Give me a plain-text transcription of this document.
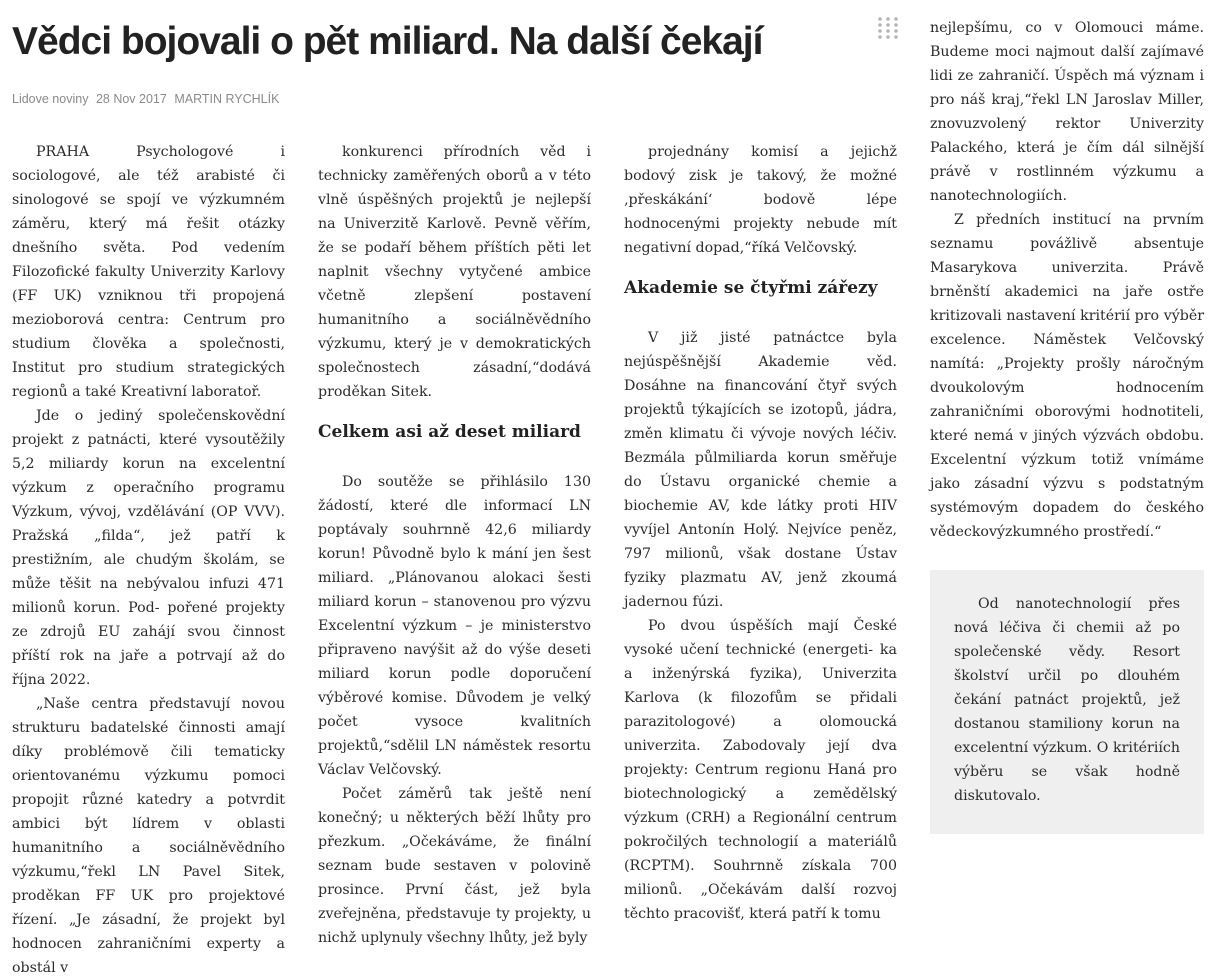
Vědci bojovali o pět miliard. Na další čekají
Lidove noviny 28 Nov 2017 MARTIN RYCHLÍK

PRAHA Psychologové i sociologové, ale též arabisté či sinologové se spojí ve výzkumném záměru, který má řešit otázky dnešního světa. Pod vedením Filozofické fakulty Univerzity Karlovy (FF UK) vzniknou tři propojená mezioborová centra: Centrum pro studium člověka a společnosti, Institut pro studium strategických regionů a také Kreativní laboratoř.

Jde o jediný společenskovědní projekt z patnácti, které vysoutěžily 5,2 miliardy korun na excelentní výzkum z operačního programu Výzkum, vývoj, vzdělávání (OP VVV). Pražská „filda“, jež patří k prestižním, ale chudým školám, se může těšit na nebývalou infuzi 471 milionů korun. Pod- pořené projekty ze zdrojů EU zahájí svou činnost příští rok na jaře a potrvají až do října 2022.

„Naše centra představují novou strukturu badatelské činnosti amají díky problémově čili tematicky orientovanému výzkumu pomoci propojit různé katedry a potvrdit ambici být lídrem v oblasti humanitního a sociálněvědního výzkumu,“řekl LN Pavel Sitek, proděkan FF UK pro projektové řízení. „Je zásadní, že projekt byl hodnocen zahraničními experty a obstál v

konkurenci přírodních věd i technicky zaměřených oborů a v této vlně úspěšných projektů je nejlepší na Univerzitě Karlově. Pevně věřím, že se podaří během příštích pěti let naplnit všechny vytyčené ambice včetně zlepšení postavení humanitního a sociálněvědního výzkumu, který je v demokratických společnostech zásadní,“dodává proděkan Sitek.

Celkem asi až deset miliard

Do soutěže se přihlásilo 130 žádostí, které dle informací LN poptávaly souhrnně 42,6 miliardy korun! Původně bylo k mání jen šest miliard. „Plánovanou alokaci šesti miliard korun – stanovenou pro výzvu Excelentní výzkum – je ministerstvo připraveno navýšit až do výše deseti miliard korun podle doporučení výběrové komise. Důvodem je velký počet vysoce kvalitních projektů,“sdělil LN náměstek resortu Václav Velčovský.

Počet záměrů tak ještě není konečný; u některých běží lhůty pro přezkum. „Očekáváme, že finální seznam bude sestaven v polovině prosince. První část, jež byla zveřejněna, představuje ty projekty, u nichž uplynuly všechny lhůty, jež byly

projednány komisí a jejichž bodový zisk je takový, že možné ‚přeskákání‘ bodově lépe hodnocenými projekty nebude mít negativní dopad,“říká Velčovský.

Akademie se čtyřmi zářezy

V již jisté patnáctce byla nejúspěšnější Akademie věd. Dosáhne na financování čtyř svých projektů týkajících se izotopů, jádra, změn klimatu či vývoje nových léčiv. Bezmála půlmiliarda korun směřuje do Ústavu organické chemie a biochemie AV, kde látky proti HIV vyvíjel Antonín Holý. Nejvíce peněz, 797 milionů, však dostane Ústav fyziky plazmatu AV, jenž zkoumá jadernou fúzi.

Po dvou úspěších mají České vysoké učení technické (energeti- ka a inženýrská fyzika), Univerzita Karlova (k filozofům se přidali parazitologové) a olomoucká univerzita. Zabodovaly její dva projekty: Centrum regionu Haná pro biotechnologický a zemědělský výzkum (CRH) a Regionální centrum pokročilých technologií a materiálů (RCPTM). Souhrnně získala 700 milionů. „Očekávám další rozvoj těchto pracovišť, která patří k tomu

nejlepšímu, co v Olomouci máme. Budeme moci najmout další zajímavé lidi ze zahraničí. Úspěch má význam i pro náš kraj,“řekl LN Jaroslav Miller, znovuzvolený rektor Univerzity Palackého, která je čím dál silnější právě v rostlinném výzkumu a nanotechnologiích.

Z předních institucí na prvním seznamu povážlivě absentuje Masarykova univerzita. Právě brněnští akademici na jaře ostře kritizovali nastavení kritérií pro výběr excelence. Náměstek Velčovský namítá: „Projekty prošly náročným dvoukolovým hodnocením zahraničními oborovými hodnotiteli, které nemá v jiných výzvách obdobu. Excelentní výzkum totiž vnímáme jako zásadní výzvu s podstatným systémovým dopadem do českého vědeckovýzkumného prostředí.“

Od nanotechnologií přes nová léčiva či chemii až po společenské vědy. Resort školství určil po dlouhém čekání patnáct projektů, jež dostanou stamiliony korun na excelentní výzkum. O kritériích výběru se však hodně diskutovalo.
